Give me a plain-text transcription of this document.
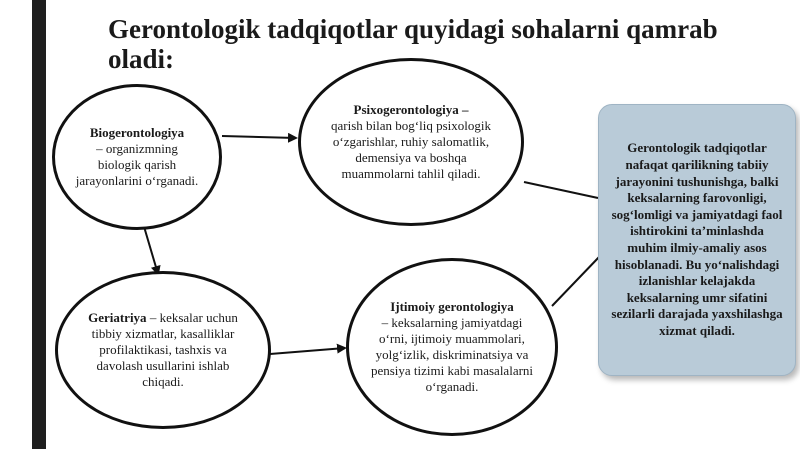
Gerontologik tadqiqotlar quyidagi sohalarni qamrab oladi:
Biogerontologiya
– organizmning biologik qarish jarayonlarini o‘rganadi.
Psixogerontologiya –
qarish bilan bog‘liq psixologik o‘zgarishlar, ruhiy salomatlik, demensiya va boshqa muammolarni tahlil qiladi.
Geriatriya – keksalar uchun tibbiy xizmatlar, kasalliklar profilaktikasi, tashxis va davolash usullarini ishlab chiqadi.
Ijtimoiy gerontologiya
– keksalarning jamiyatdagi o‘rni, ijtimoiy muammolari, yolg‘izlik, diskriminatsiya va pensiya tizimi kabi masalalarni o‘rganadi.
Gerontologik tadqiqotlar nafaqat qarilikning tabiiy jarayonini tushunishga, balki keksalarning farovonligi, sog‘lomligi va jamiyatdagi faol ishtirokini ta’minlashda muhim ilmiy-amaliy asos hisoblanadi. Bu yo‘nalishdagi izlanishlar kelajakda keksalarning umr sifatini sezilarli darajada yaxshilashga xizmat qiladi.
